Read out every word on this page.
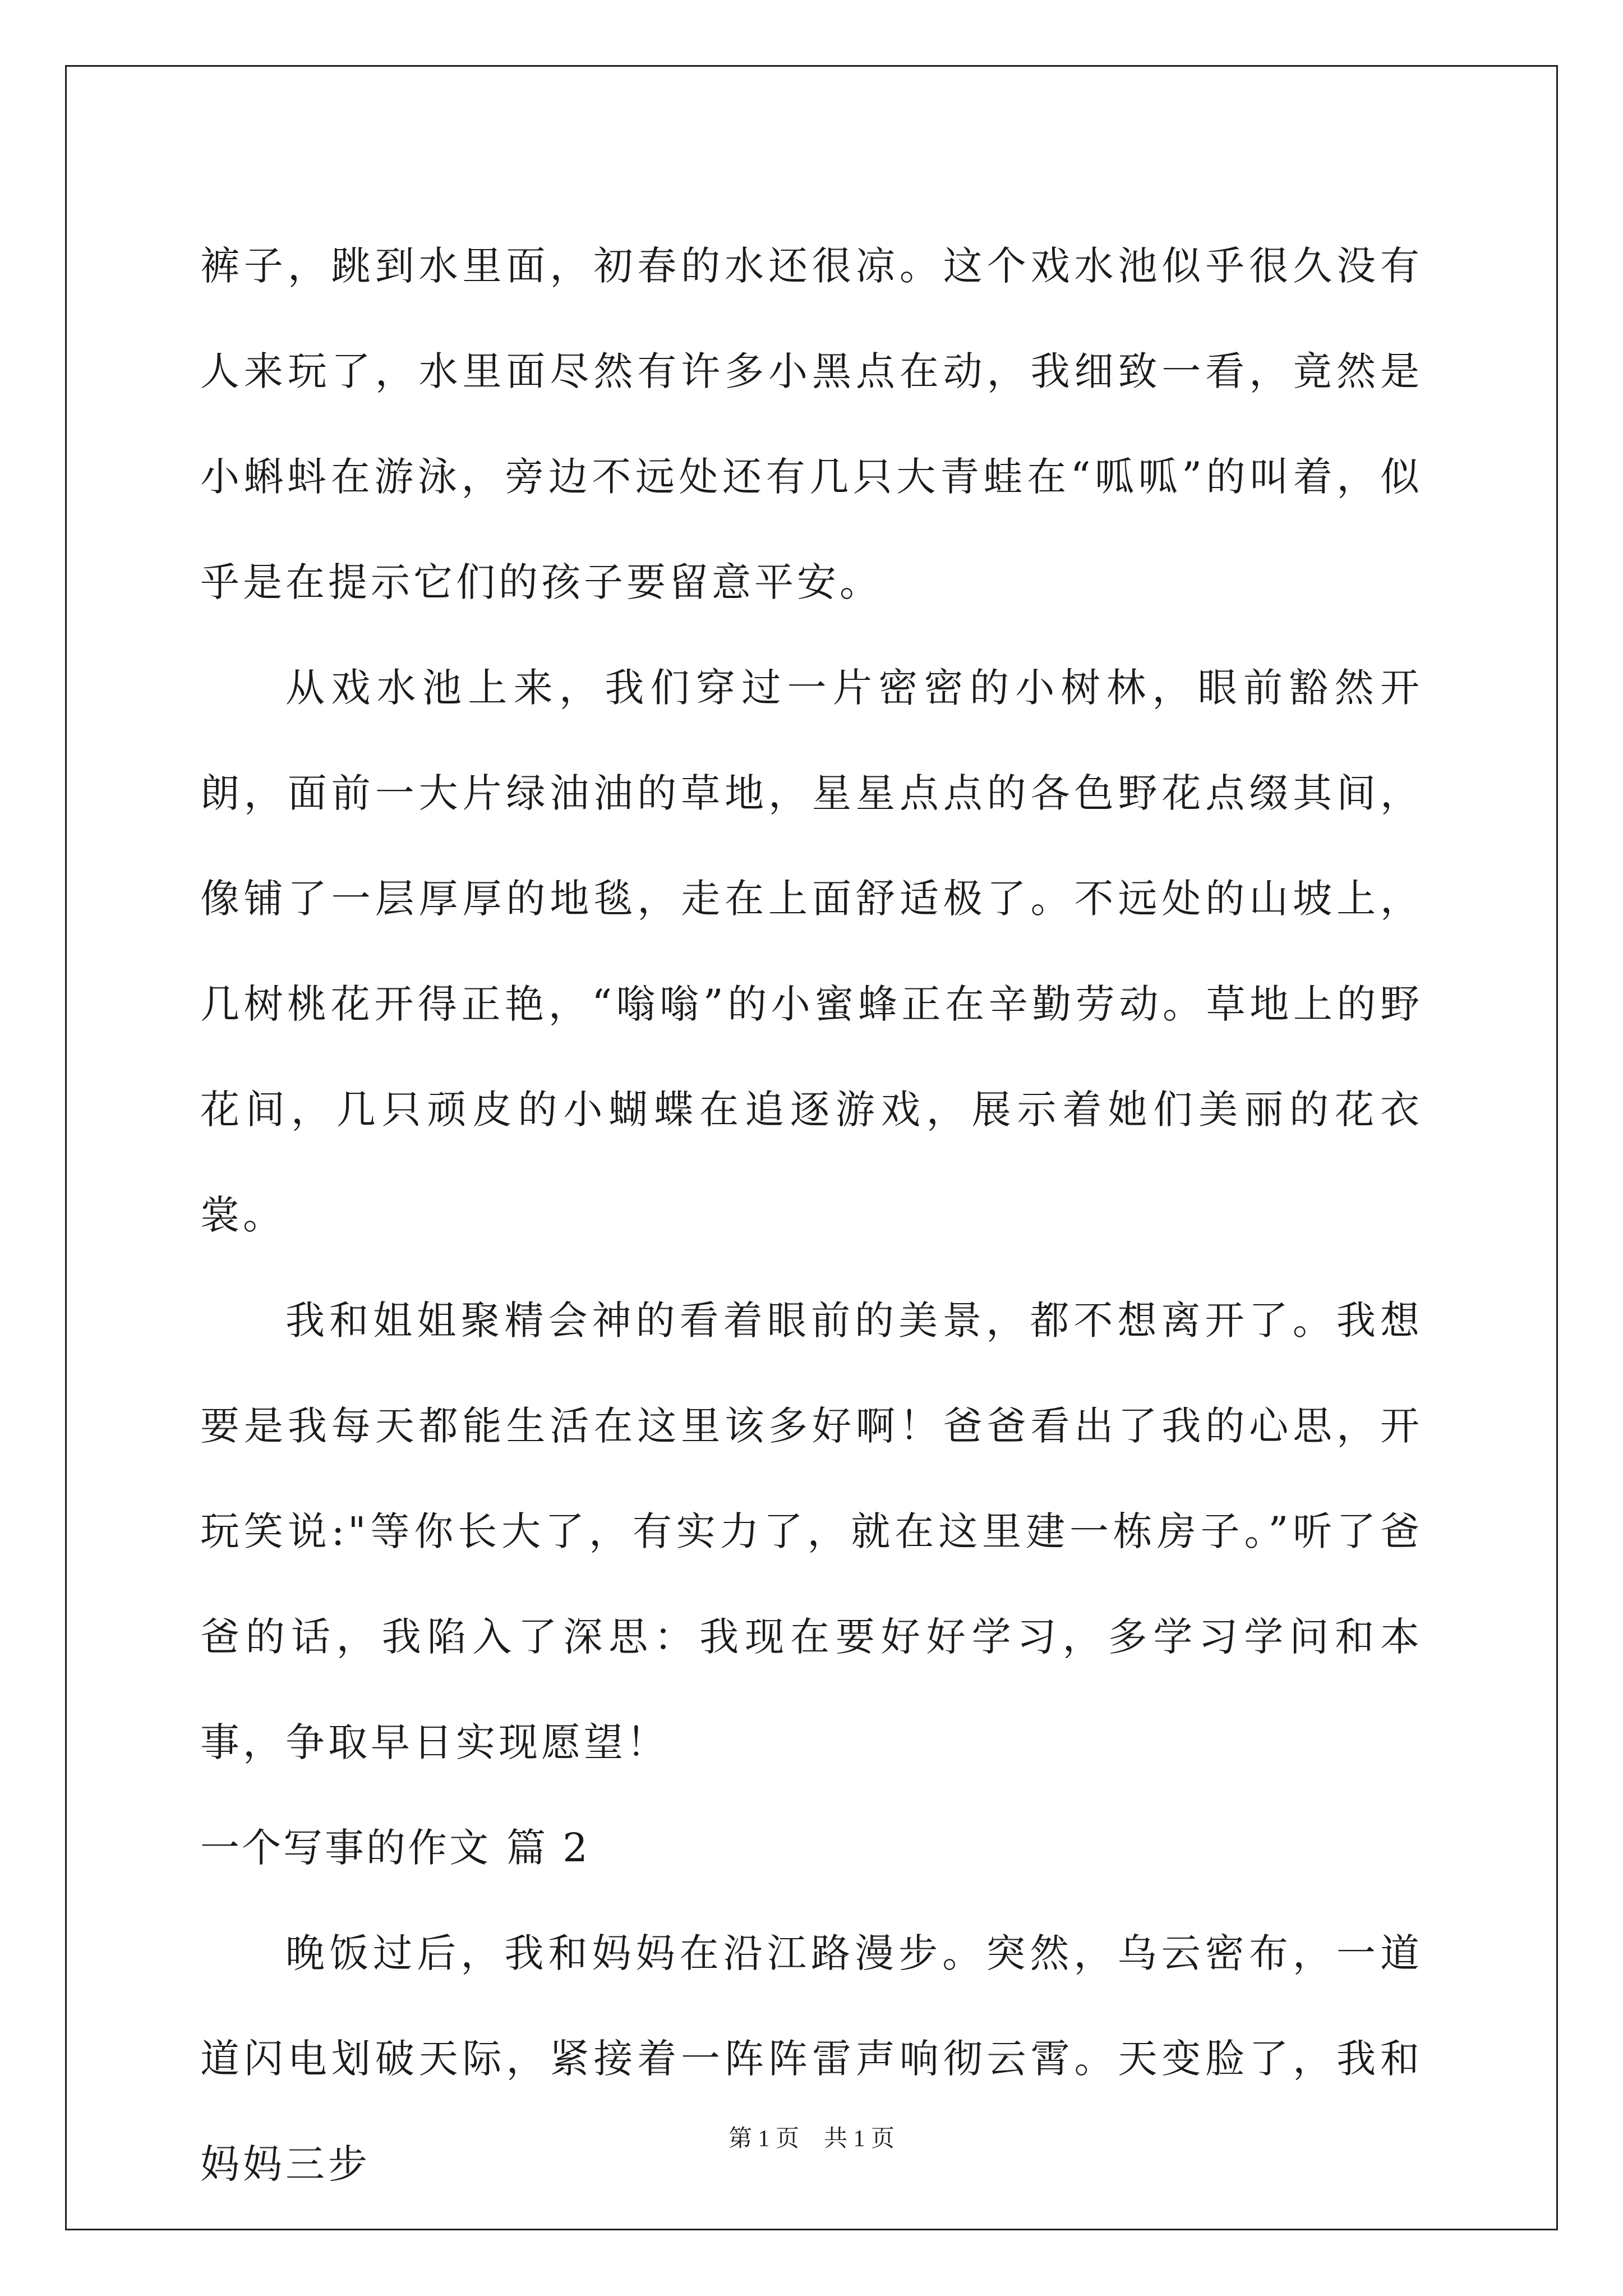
裤子，跳到水里面，初春的水还很凉。这个戏水池似乎很久没有人来玩了，水里面尽然有许多小黑点在动，我细致一看，竟然是小蝌蚪在游泳，旁边不远处还有几只大青蛙在“呱呱”的叫着，似乎是在提示它们的孩子要留意平安。

从戏水池上来，我们穿过一片密密的小树林，眼前豁然开朗，面前一大片绿油油的草地，星星点点的各色野花点缀其间，像铺了一层厚厚的地毯，走在上面舒适极了。不远处的山坡上，几树桃花开得正艳，“嗡嗡”的小蜜蜂正在辛勤劳动。草地上的野花间，几只顽皮的小蝴蝶在追逐游戏，展示着她们美丽的花衣裳。

我和姐姐聚精会神的看着眼前的美景，都不想离开了。我想要是我每天都能生活在这里该多好啊！爸爸看出了我的心思，开玩笑说:"等你长大了，有实力了，就在这里建一栋房子。”听了爸爸的话，我陷入了深思：我现在要好好学习，多学习学问和本事，争取早日实现愿望！

一个写事的作文 篇 2

晚饭过后，我和妈妈在沿江路漫步。突然，乌云密布，一道道闪电划破天际，紧接着一阵阵雷声响彻云霄。天变脸了，我和妈妈三步

第 1 页 共 1 页
